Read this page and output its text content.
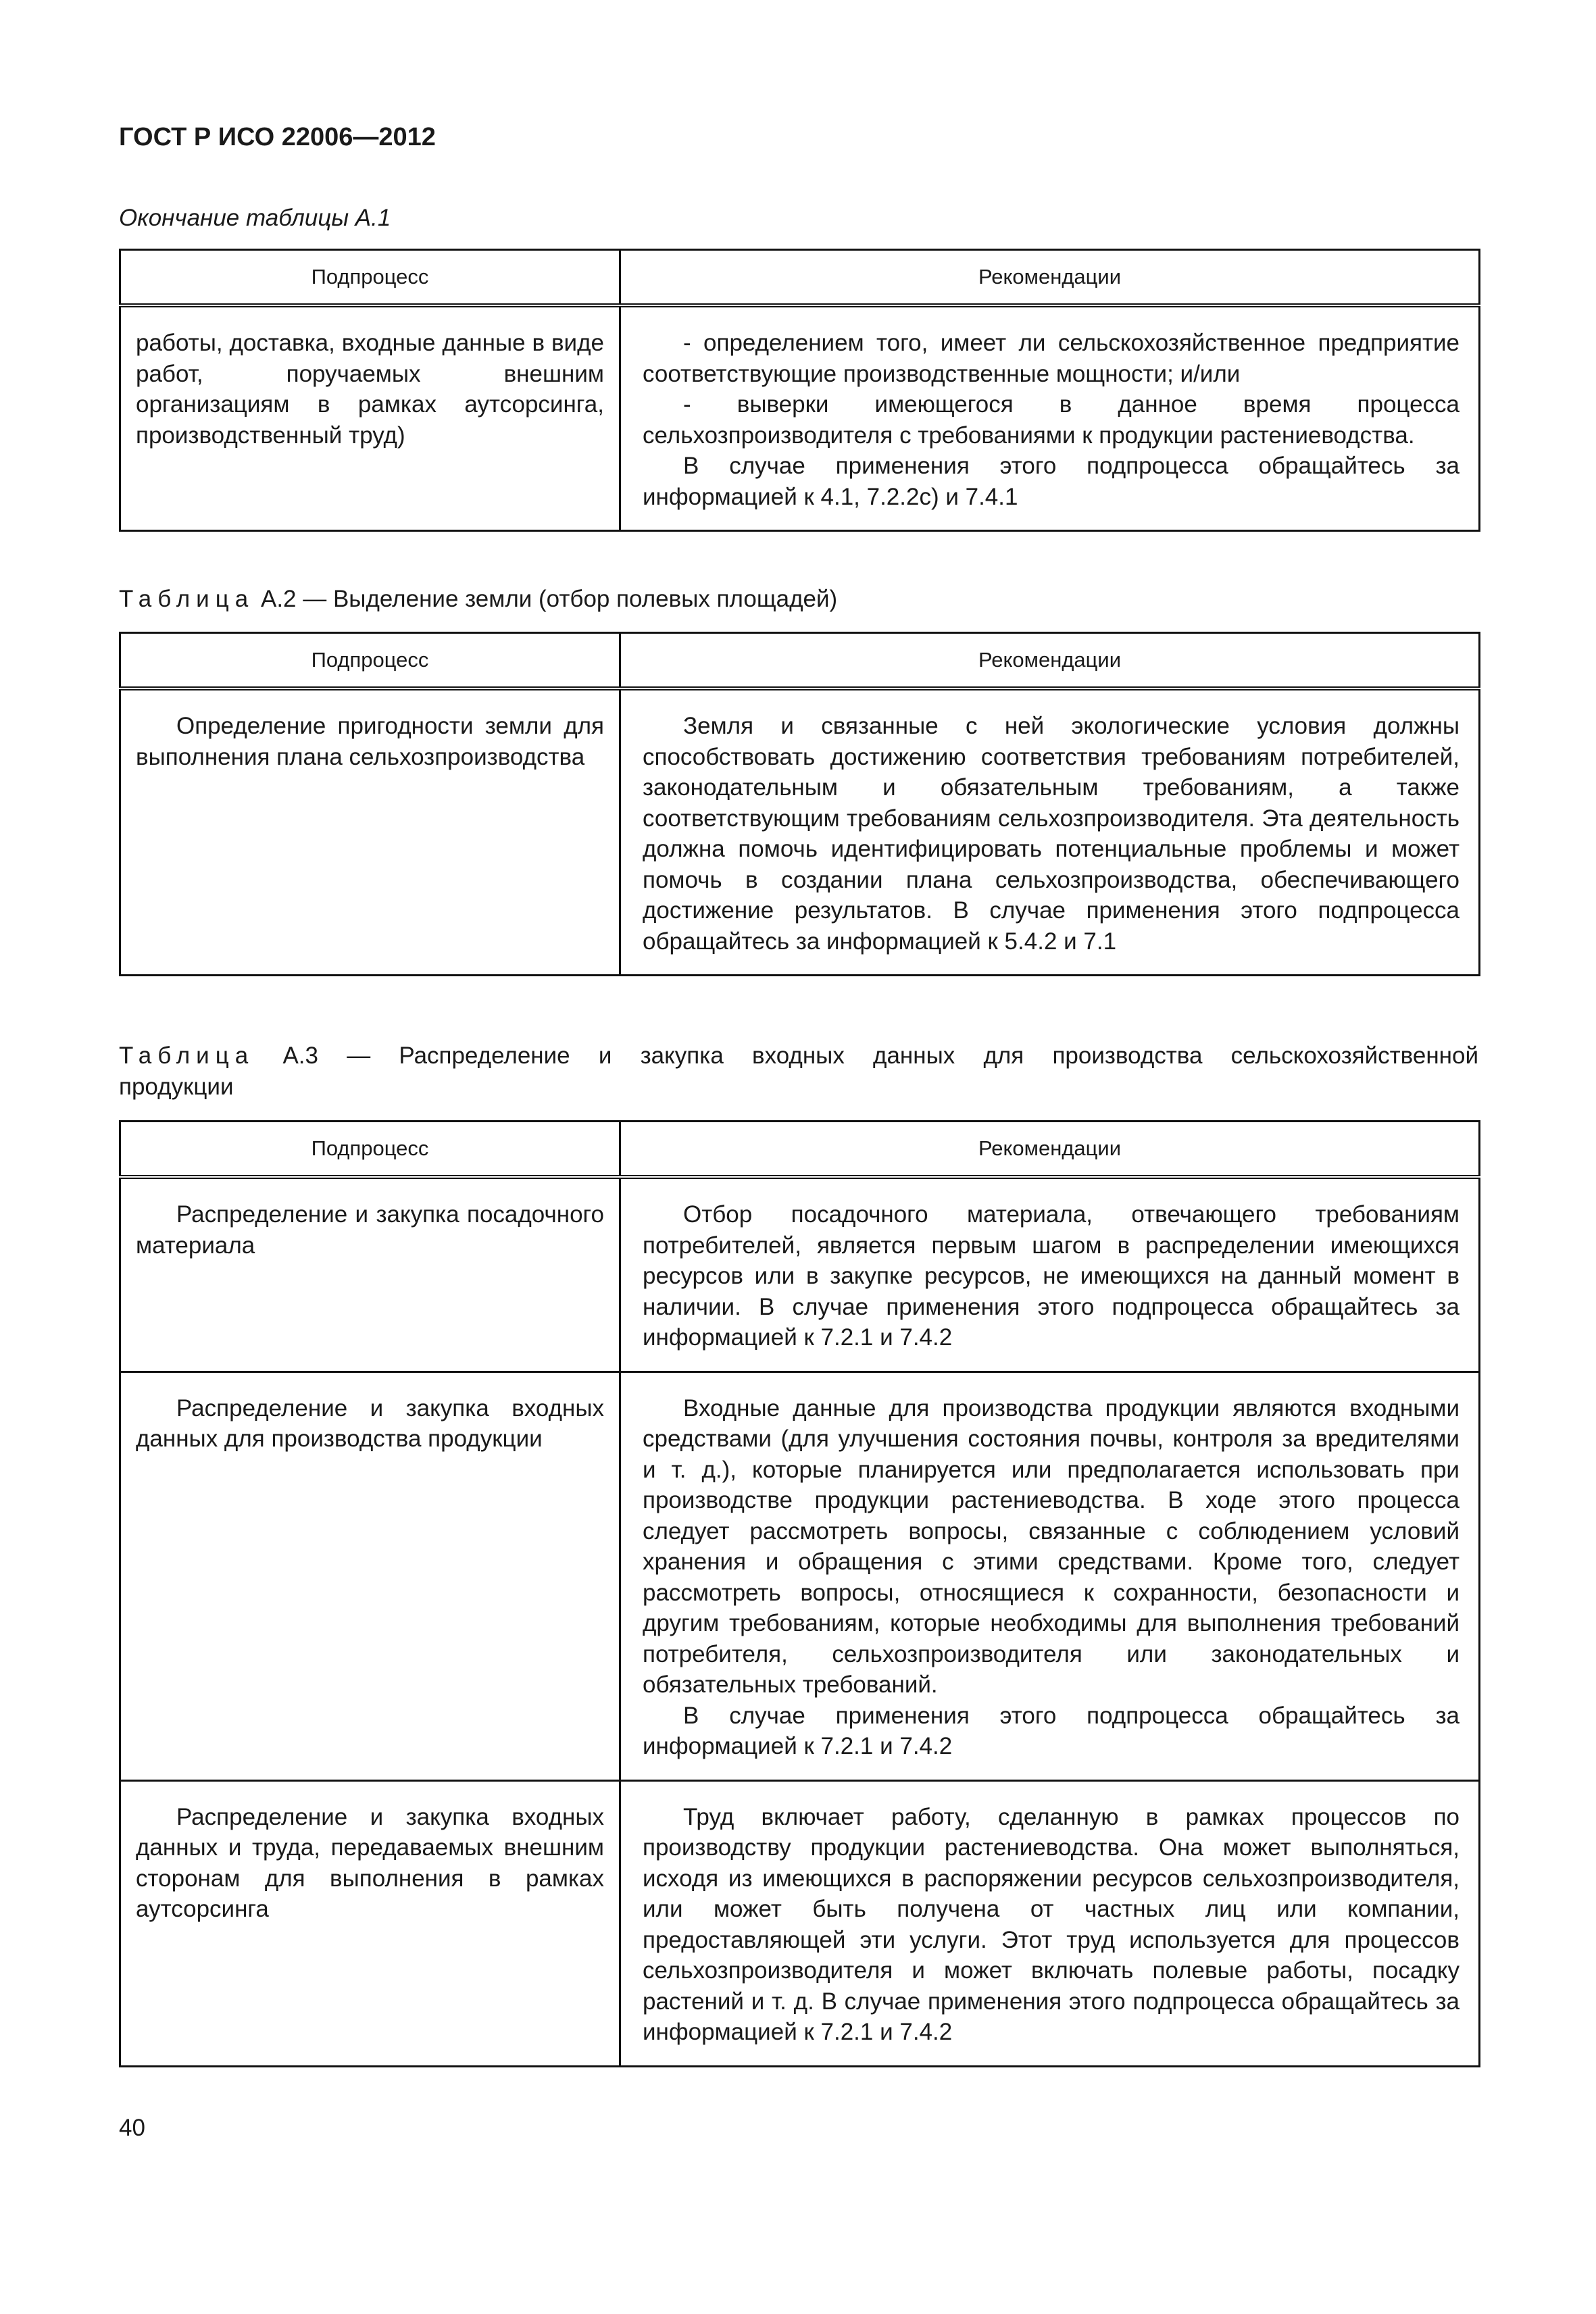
ГОСТ Р ИСО 22006—2012
Окончание таблицы А.1
Подпроцесс	Рекомендации

работы, доставка, входные данные в виде работ, поручаемых внешним организациям в рамках аутсорсинга, производственный труд)	- определением того, имеет ли сельскохозяйственное предприятие соответствующие производственные мощности; и/или

- выверки имеющегося в данное время процесса сельхозпроизводителя с требованиями к продукции растениеводства.

В случае применения этого подпроцесса обращайтесь за информацией к 4.1, 7.2.2c) и 7.4.1

Таблица А.2 — Выделение земли (отбор полевых площадей)
Подпроцесс	Рекомендации

Определение пригодности земли для выполнения плана сельхозпроизводства	Земля и связанные с ней экологические условия должны способствовать достижению соответствия требованиям потребителей, законодательным и обязательным требованиям, а также соответствующим требованиям сельхозпроизводителя. Эта деятельность должна помочь идентифицировать потенциальные проблемы и может помочь в создании плана сельхозпроизводства, обеспечивающего достижение результатов. В случае применения этого подпроцесса обращайтесь за информацией к 5.4.2 и 7.1

Таблица А.3 — Распределение и закупка входных данных для производства сельскохозяйственной
продукции
Подпроцесс	Рекомендации

Распределение и закупка посадочного материала	Отбор посадочного материала, отвечающего требованиям потребителей, является первым шагом в распределении имеющихся ресурсов или в закупке ресурсов, не имеющихся на данный момент в наличии. В случае применения этого подпроцесса обращайтесь за информацией к 7.2.1 и 7.4.2

Распределение и закупка входных данных для производства продукции	Входные данные для производства продукции являются входными средствами (для улучшения состояния почвы, контроля за вредителями и т. д.), которые планируется или предполагается использовать при производстве продукции растениеводства. В ходе этого процесса следует рассмотреть вопросы, связанные с соблюдением условий хранения и обращения с этими средствами. Кроме того, следует рассмотреть вопросы, относящиеся к сохранности, безопасности и другим требованиям, которые необходимы для выполнения требований потребителя, сельхозпроизводителя или законодательных и обязательных требований.

В случае применения этого подпроцесса обращайтесь за информацией к 7.2.1 и 7.4.2

Распределение и закупка входных данных и труда, передаваемых внешним сторонам для выполнения в рамках аутсорсинга	Труд включает работу, сделанную в рамках процессов по производству продукции растениеводства. Она может выполняться, исходя из имеющихся в распоряжении ресурсов сельхозпроизводителя, или может быть получена от частных лиц или компании, предоставляющей эти услуги. Этот труд используется для процессов сельхозпроизводителя и может включать полевые работы, посадку растений и т. д. В случае применения этого подпроцесса обращайтесь за информацией к 7.2.1 и 7.4.2

40
